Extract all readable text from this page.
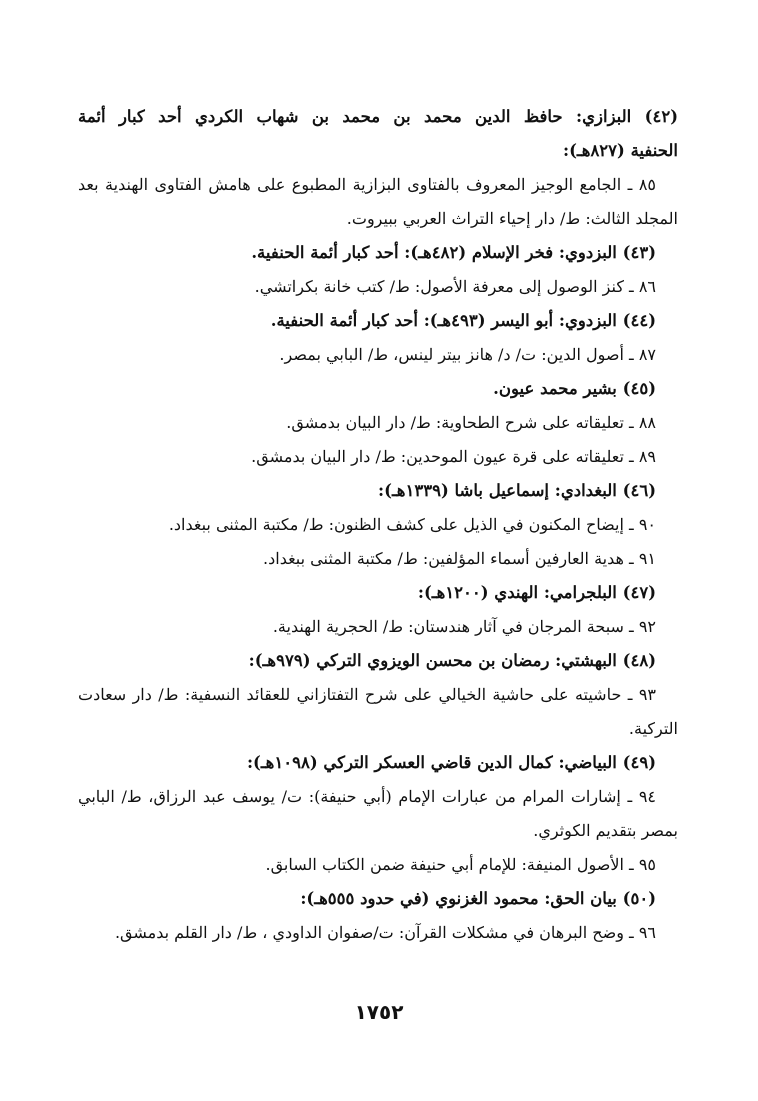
(٤٢) البزازي: حافظ الدين محمد بن محمد بن شهاب الكردي أحد كبار أئمة
الحنفية (٨٢٧هـ):
٨٥ ـ الجامع الوجيز المعروف بالفتاوى البزازية المطبوع على هامش الفتاوى الهندية بعد
المجلد الثالث: ط/ دار إحياء التراث العربي ببيروت.
(٤٣) البزدوي: فخر الإسلام (٤٨٢هـ): أحد كبار أئمة الحنفية.
٨٦ ـ كنز الوصول إلى معرفة الأصول: ط/ كتب خانة بكراتشي.
(٤٤) البزدوي: أبو اليسر (٤٩٣هـ): أحد كبار أئمة الحنفية.
٨٧ ـ أصول الدين: ت/ د/ هانز بيتر لينس، ط/ البابي بمصر.
(٤٥) بشير محمد عيون.
٨٨ ـ تعليقاته على شرح الطحاوية: ط/ دار البيان بدمشق.
٨٩ ـ تعليقاته على قرة عيون الموحدين: ط/ دار البيان بدمشق.
(٤٦) البغدادي: إسماعيل باشا (١٣٣٩هـ):
٩٠ ـ إيضاح المكنون في الذيل على كشف الظنون: ط/ مكتبة المثنى ببغداد.
٩١ ـ هدية العارفين أسماء المؤلفين: ط/ مكتبة المثنى ببغداد.
(٤٧) البلجرامي: الهندي (١٢٠٠هـ):
٩٢ ـ سبحة المرجان في آثار هندستان: ط/ الحجرية الهندية.
(٤٨) البهشتي: رمضان بن محسن الويزوي التركي (٩٧٩هـ):
٩٣ ـ حاشيته على حاشية الخيالي على شرح التفتازاني للعقائد النسفية: ط/ دار سعادت
التركية.
(٤٩) البياضي: كمال الدين قاضي العسكر التركي (١٠٩٨هـ):
٩٤ ـ إشارات المرام من عبارات الإمام (أبي حنيفة): ت/ يوسف عبد الرزاق، ط/ البابي
بمصر بتقديم الكوثري.
٩٥ ـ الأصول المنيفة: للإمام أبي حنيفة ضمن الكتاب السابق.
(٥٠) بيان الحق: محمود الغزنوي (في حدود ٥٥٥هـ):
٩٦ ـ وضح البرهان في مشكلات القرآن: ت/صفوان الداودي ، ط/ دار القلم بدمشق.
١٧٥٢
